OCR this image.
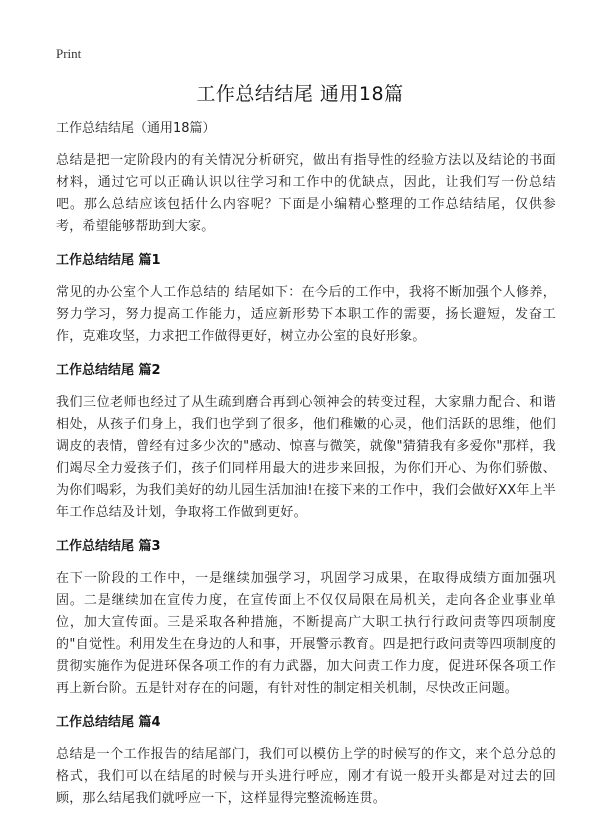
Print
工作总结结尾 通用18篇

工作总结结尾（通用18篇）

总结是把一定阶段内的有关情况分析研究，做出有指导性的经验方法以及结论的书面材料，通过它可以正确认识以往学习和工作中的优缺点，因此，让我们写一份总结吧。那么总结应该包括什么内容呢？下面是小编精心整理的工作总结结尾，仅供参考，希望能够帮助到大家。

工作总结结尾 篇1

常见的办公室个人工作总结的 结尾如下：在今后的工作中，我将不断加强个人修养，努力学习，努力提高工作能力，适应新形势下本职工作的需要，扬长避短，发奋工作，克难攻坚，力求把工作做得更好，树立办公室的良好形象。

工作总结结尾 篇2

我们三位老师也经过了从生疏到磨合再到心领神会的转变过程，大家鼎力配合、和谐相处，从孩子们身上，我们也学到了很多，他们稚嫩的心灵，他们活跃的思维，他们调皮的表情，曾经有过多少次的"感动、惊喜与微笑，就像"猜猜我有多爱你"那样，我们竭尽全力爱孩子们，孩子们同样用最大的进步来回报，为你们开心、为你们骄傲、为你们喝彩，为我们美好的幼儿园生活加油!在接下来的工作中，我们会做好XX年上半年工作总结及计划，争取将工作做到更好。

工作总结结尾 篇3

在下一阶段的工作中，一是继续加强学习，巩固学习成果，在取得成绩方面加强巩固。二是继续加在宣传力度，在宣传面上不仅仅局限在局机关，走向各企业事业单位，加大宣传面。三是采取各种措施，不断提高广大职工执行行政问责等四项制度的"自觉性。利用发生在身边的人和事，开展警示教育。四是把行政问责等四项制度的贯彻实施作为促进环保各项工作的有力武器，加大问责工作力度，促进环保各项工作再上新台阶。五是针对存在的问题，有针对性的制定相关机制，尽快改正问题。

工作总结结尾 篇4

总结是一个工作报告的结尾部门，我们可以模仿上学的时候写的作文，来个总分总的格式，我们可以在结尾的时候与开头进行呼应，刚才有说一般开头都是对过去的回顾，那么结尾我们就呼应一下，这样显得完整流畅连贯。
